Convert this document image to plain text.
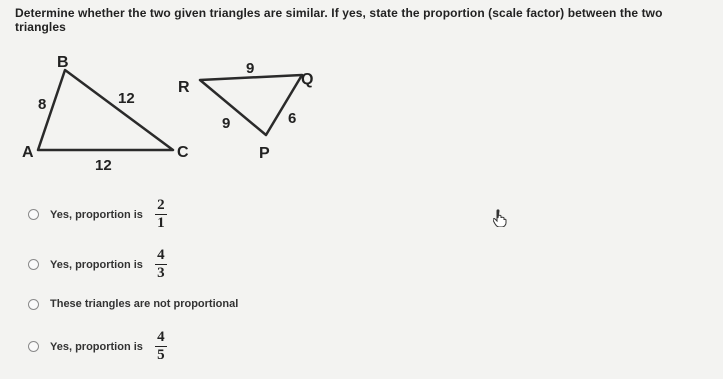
Determine whether the two given triangles are similar. If yes, state the proportion (scale factor) between the two triangles
B
A	C
8	12
12
R	Q
P
9
6
9
Yes, proportion is $\frac{2}{1}$
Yes, proportion is $\frac{4}{3}$
These triangles are not proportional
Yes, proportion is $\frac{4}{5}$
